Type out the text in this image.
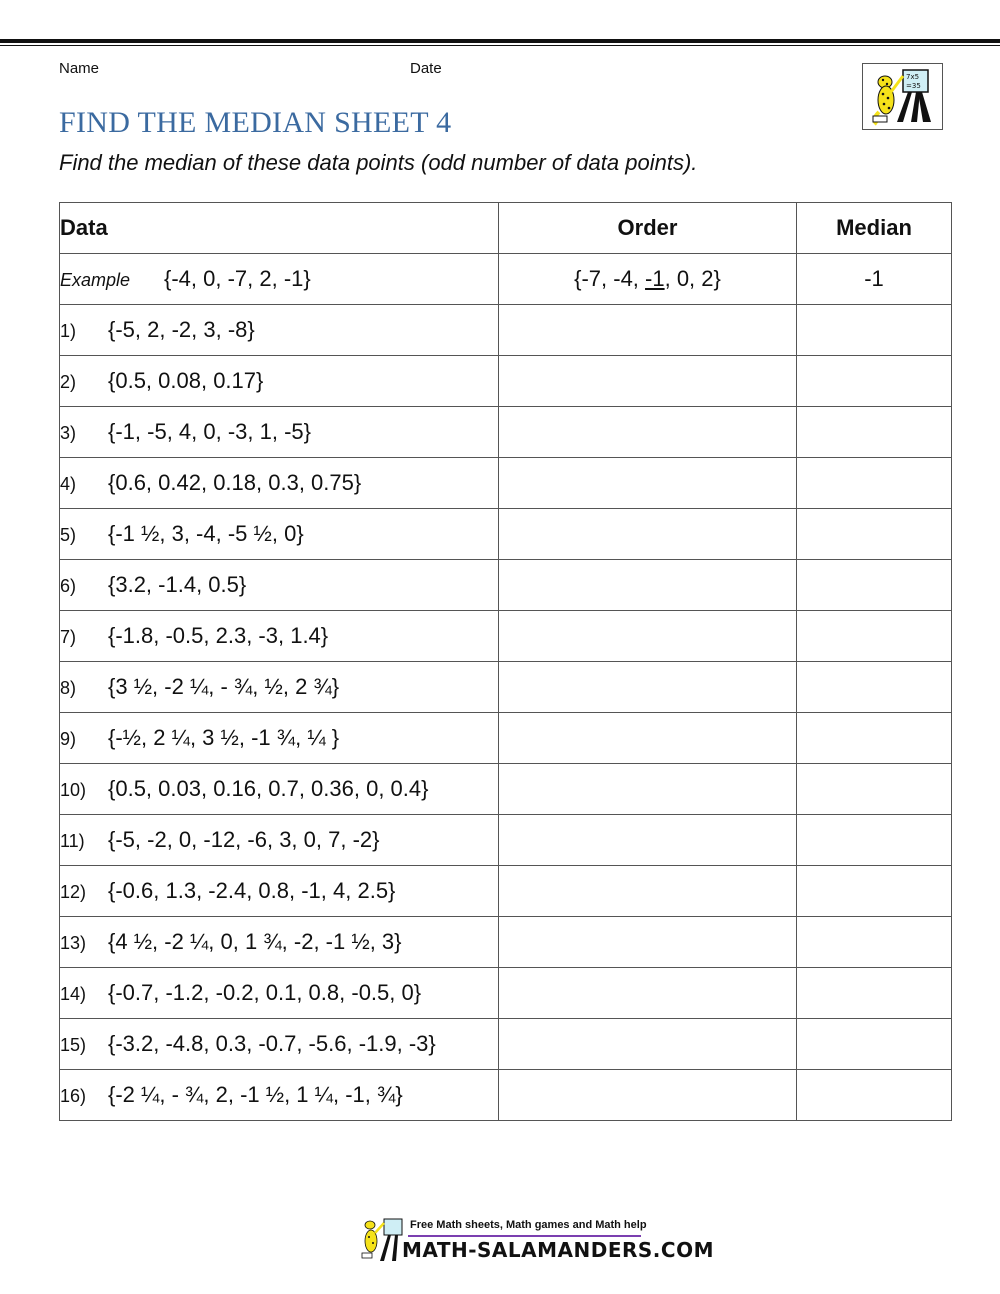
Name	Date
FIND THE MEDIAN SHEET 4
Find the median of these data points (odd number of data points).
7x5
=35
Data	Order	Median
Example {-4, 0, -7, 2, -1}	{-7, -4, -1, 0, 2}	-1
1) {-5, 2, -2, 3, -8}		
2) {0.5, 0.08, 0.17}		
3) {-1, -5, 4, 0, -3, 1, -5}		
4) {0.6, 0.42, 0.18, 0.3, 0.75}		
5) {-1 ½, 3, -4, -5 ½, 0}		
6) {3.2, -1.4, 0.5}		
7) {-1.8, -0.5, 2.3, -3, 1.4}		
8) {3 ½, -2 ¼, - ¾, ½, 2 ¾}		
9) {-½, 2 ¼, 3 ½, -1 ¾, ¼ }		
10) {0.5, 0.03, 0.16, 0.7, 0.36, 0, 0.4}		
11) {-5, -2, 0, -12, -6, 3, 0, 7, -2}		
12) {-0.6, 1.3, -2.4, 0.8, -1, 4, 2.5}		
13) {4 ½, -2 ¼, 0, 1 ¾, -2, -1 ½, 3}		
14) {-0.7, -1.2, -0.2, 0.1, 0.8, -0.5, 0}		
15) {-3.2, -4.8, 0.3, -0.7, -5.6, -1.9, -3}		
16) {-2 ¼, - ¾, 2, -1 ½, 1 ¼, -1, ¾}		
Free Math sheets, Math games and Math help
MATH-SALAMANDERS.COM
